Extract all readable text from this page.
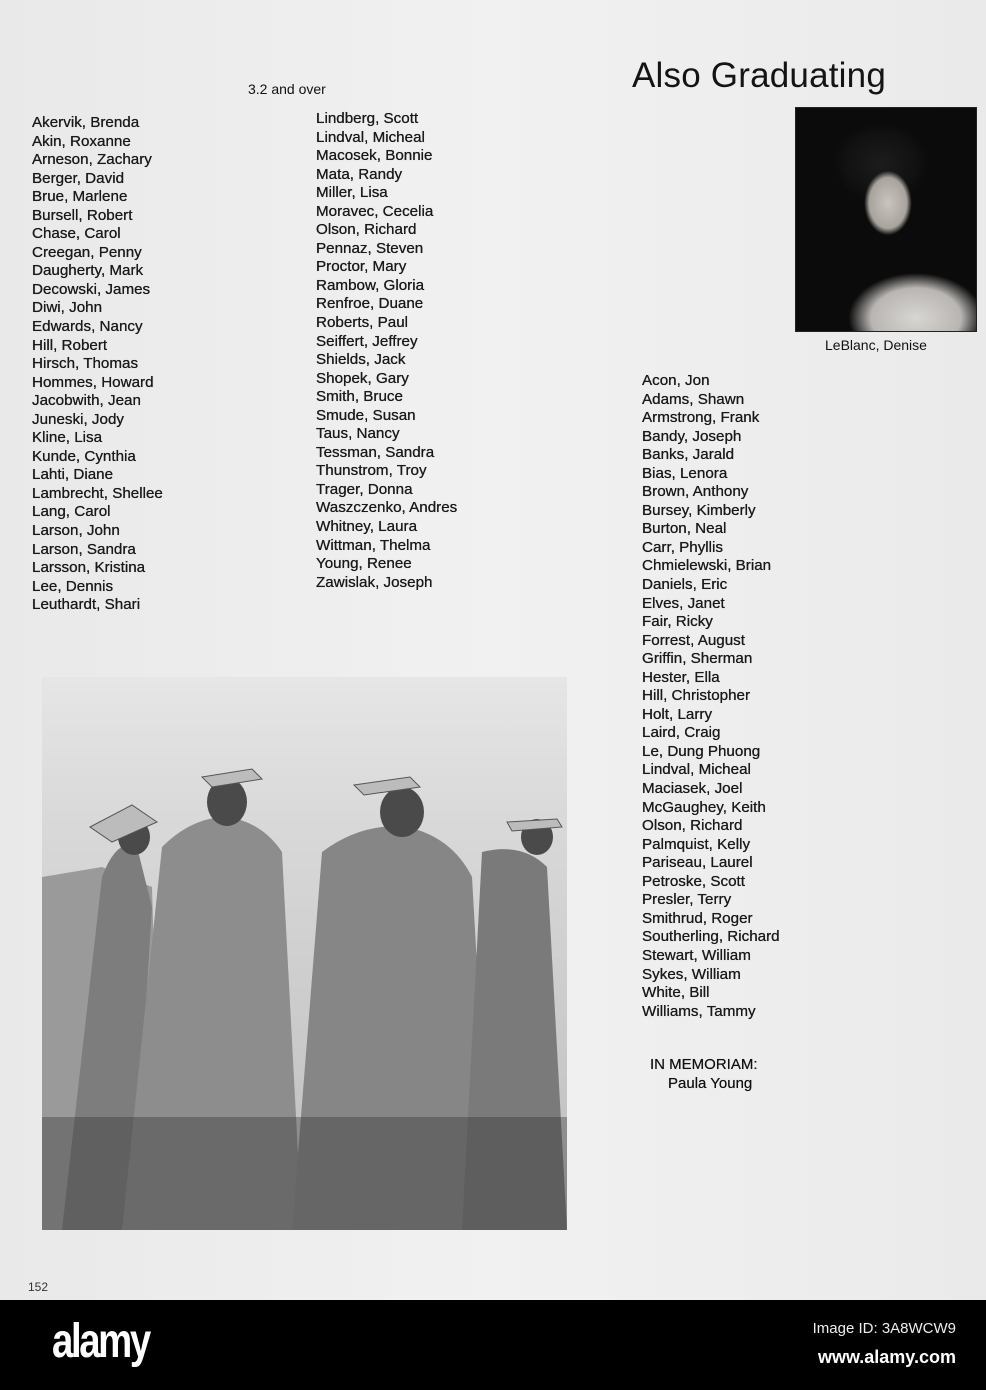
Also Graduating
3.2 and over
Akervik, Brenda
Akin, Roxanne
Arneson, Zachary
Berger, David
Brue, Marlene
Bursell, Robert
Chase, Carol
Creegan, Penny
Daugherty, Mark
Decowski, James
Diwi, John
Edwards, Nancy
Hill, Robert
Hirsch, Thomas
Hommes, Howard
Jacobwith, Jean
Juneski, Jody
Kline, Lisa
Kunde, Cynthia
Lahti, Diane
Lambrecht, Shellee
Lang, Carol
Larson, John
Larson, Sandra
Larsson, Kristina
Lee, Dennis
Leuthardt, Shari
Lindberg, Scott
Lindval, Micheal
Macosek, Bonnie
Mata, Randy
Miller, Lisa
Moravec, Cecelia
Olson, Richard
Pennaz, Steven
Proctor, Mary
Rambow, Gloria
Renfroe, Duane
Roberts, Paul
Seiffert, Jeffrey
Shields, Jack
Shopek, Gary
Smith, Bruce
Smude, Susan
Taus, Nancy
Tessman, Sandra
Thunstrom, Troy
Trager, Donna
Waszczenko, Andres
Whitney, Laura
Wittman, Thelma
Young, Renee
Zawislak, Joseph
Acon, Jon
Adams, Shawn
Armstrong, Frank
Bandy, Joseph
Banks, Jarald
Bias, Lenora
Brown, Anthony
Bursey, Kimberly
Burton, Neal
Carr, Phyllis
Chmielewski, Brian
Daniels, Eric
Elves, Janet
Fair, Ricky
Forrest, August
Griffin, Sherman
Hester, Ella
Hill, Christopher
Holt, Larry
Laird, Craig
Le, Dung Phuong
Lindval, Micheal
Maciasek, Joel
McGaughey, Keith
Olson, Richard
Palmquist, Kelly
Pariseau, Laurel
Petroske, Scott
Presler, Terry
Smithrud, Roger
Southerling, Richard
Stewart, William
Sykes, William
White, Bill
Williams, Tammy
LeBlanc, Denise
IN MEMORIAM:
Paula Young
152
alamy	Image ID: 3A8WCW9
www.alamy.com
